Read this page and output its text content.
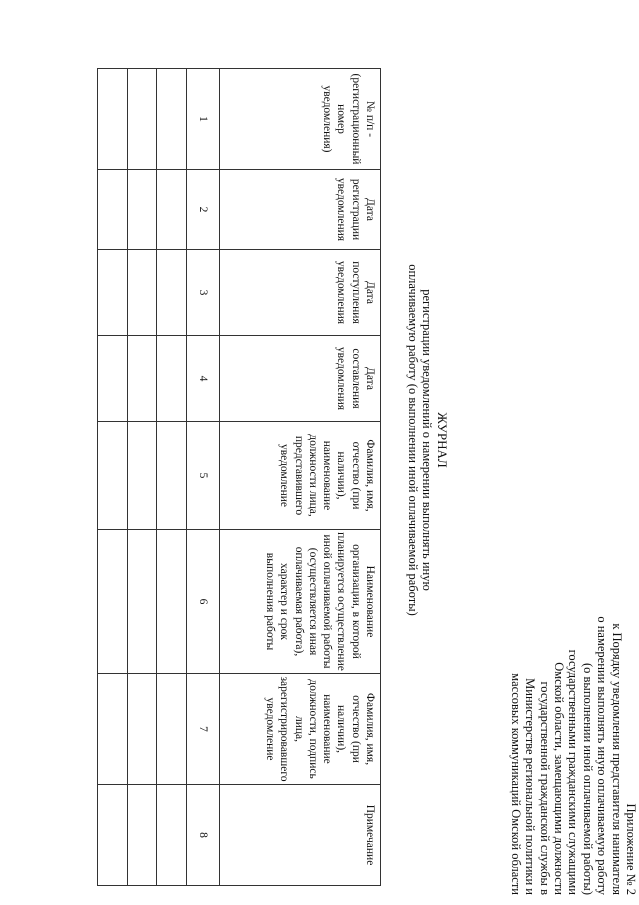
Приложение № 2
к Порядку уведомления представителя нанимателя
о намерении выполнять иную оплачиваемую работу
(о выполнении иной оплачиваемой работы)
государственными гражданскими служащими
Омской области, замещающими должности
государственной гражданской службы в
Министерстве региональной политики и
массовых коммуникаций Омской области
ЖУРНАЛ
регистрации уведомлений о намерении выполнять иную
оплачиваемую работу (о выполнении иной оплачиваемой работы)
№ п/п - (регистрационный номер уведомления)	Дата регистрации уведомления	Дата поступления уведомления	Дата составления уведомления	Фамилия, имя, отчество (при наличии), наименование должности лица, представившего уведомление	Наименование организации, в которой планируется осуществление иной оплачиваемой работы (осуществляется иная оплачиваемая работа), характер и срок выполнения работы	Фамилия, имя, отчество (при наличии), наименование должности, подпись лица, зарегистрировавшего уведомление	Примечание
1	2	3	4	5	6	7	8
